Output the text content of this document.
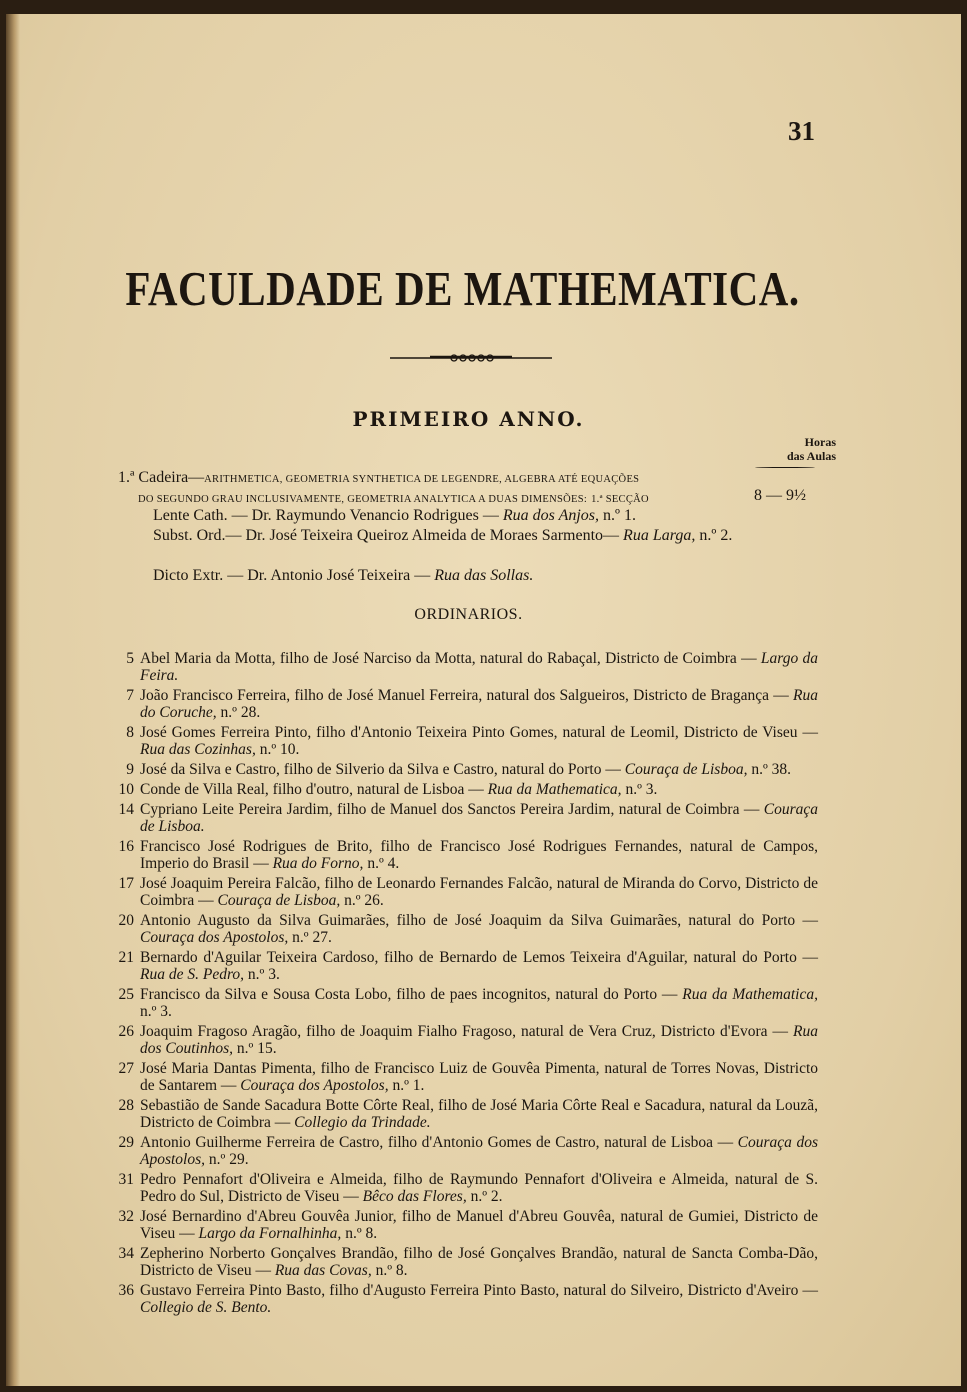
31
FACULDADE DE MATHEMATICA.
PRIMEIRO ANNO.
Horas
das Aulas
1.ª Cadeira—ARITHMETICA, GEOMETRIA SYNTHETICA DE LEGENDRE, ALGEBRA ATÉ EQUAÇÕES
DO SEGUNDO GRAU INCLUSIVAMENTE, GEOMETRIA ANALYTICA A DUAS DIMENSÕES: 1.ª SECÇÃO	8 — 9½
Lente Cath. — Dr. Raymundo Venancio Rodrigues — Rua dos Anjos, n.º 1.
Subst. Ord.— Dr. José Teixeira Queiroz Almeida de Moraes Sarmento— Rua Larga, n.º 2.
Dicto Extr. — Dr. Antonio José Teixeira — Rua das Sollas.
ORDINARIOS.
5 Abel Maria da Motta, filho de José Narciso da Motta, natural do Rabaçal, Districto de Coimbra — Largo da Feira.
7 João Francisco Ferreira, filho de José Manuel Ferreira, natural dos Salgueiros, Districto de Bragança — Rua do Coruche, n.º 28.
8 José Gomes Ferreira Pinto, filho d'Antonio Teixeira Pinto Gomes, natural de Leomil, Districto de Viseu — Rua das Cozinhas, n.º 10.
9 José da Silva e Castro, filho de Silverio da Silva e Castro, natural do Porto — Couraça de Lisboa, n.º 38.
10 Conde de Villa Real, filho d'outro, natural de Lisboa — Rua da Mathematica, n.º 3.
14 Cypriano Leite Pereira Jardim, filho de Manuel dos Sanctos Pereira Jardim, natural de Coimbra — Couraça de Lisboa.
16 Francisco José Rodrigues de Brito, filho de Francisco José Rodrigues Fernandes, natural de Campos, Imperio do Brasil — Rua do Forno, n.º 4.
17 José Joaquim Pereira Falcão, filho de Leonardo Fernandes Falcão, natural de Miranda do Corvo, Districto de Coimbra — Couraça de Lisboa, n.º 26.
20 Antonio Augusto da Silva Guimarães, filho de José Joaquim da Silva Guimarães, natural do Porto — Couraça dos Apostolos, n.º 27.
21 Bernardo d'Aguilar Teixeira Cardoso, filho de Bernardo de Lemos Teixeira d'Aguilar, natural do Porto — Rua de S. Pedro, n.º 3.
25 Francisco da Silva e Sousa Costa Lobo, filho de paes incognitos, natural do Porto — Rua da Mathematica, n.º 3.
26 Joaquim Fragoso Aragão, filho de Joaquim Fialho Fragoso, natural de Vera Cruz, Districto d'Evora — Rua dos Coutinhos, n.º 15.
27 José Maria Dantas Pimenta, filho de Francisco Luiz de Gouvêa Pimenta, natural de Torres Novas, Districto de Santarem — Couraça dos Apostolos, n.º 1.
28 Sebastião de Sande Sacadura Botte Côrte Real, filho de José Maria Côrte Real e Sacadura, natural da Louzã, Districto de Coimbra — Collegio da Trindade.
29 Antonio Guilherme Ferreira de Castro, filho d'Antonio Gomes de Castro, natural de Lisboa — Couraça dos Apostolos, n.º 29.
31 Pedro Pennafort d'Oliveira e Almeida, filho de Raymundo Pennafort d'Oliveira e Almeida, natural de S. Pedro do Sul, Districto de Viseu — Bêco das Flores, n.º 2.
32 José Bernardino d'Abreu Gouvêa Junior, filho de Manuel d'Abreu Gouvêa, natural de Gumiei, Districto de Viseu — Largo da Fornalhinha, n.º 8.
34 Zepherino Norberto Gonçalves Brandão, filho de José Gonçalves Brandão, natural de Sancta Comba-Dão, Districto de Viseu — Rua das Covas, n.º 8.
36 Gustavo Ferreira Pinto Basto, filho d'Augusto Ferreira Pinto Basto, natural do Silveiro, Districto d'Aveiro — Collegio de S. Bento.
